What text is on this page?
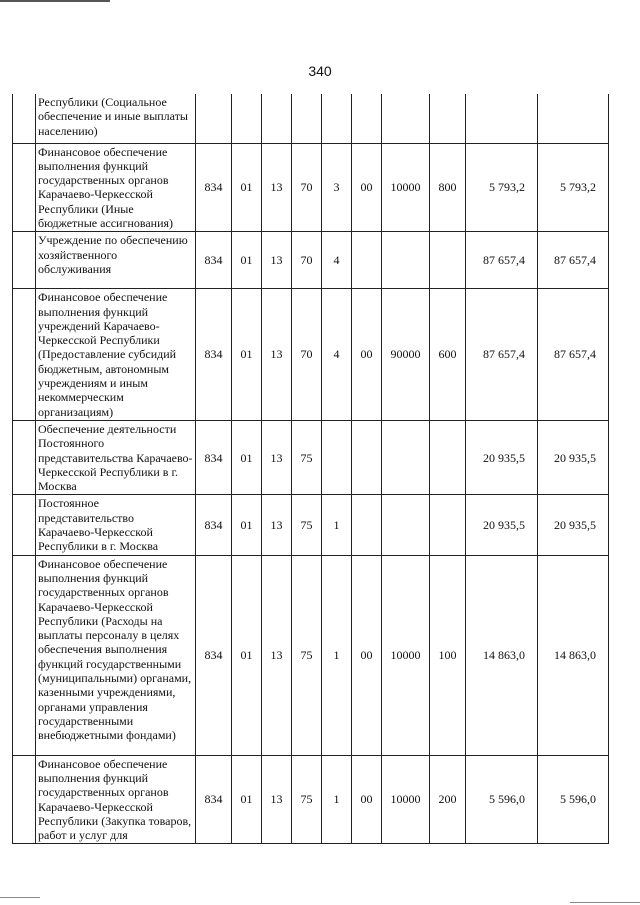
340
	Республики (Социальное обеспечение и иные выплаты населению)										
	Финансовое обеспечение выполнения функций государственных органов Карачаево-Черкесской Республики (Иные бюджетные ассигнования)	834	01	13	70	3	00	10000	800	5 793,2	5 793,2
	Учреждение по обеспечению хозяйственного обслуживания	834	01	13	70	4				87 657,4	87 657,4
	Финансовое обеспечение выполнения функций учреждений Карачаево-Черкесской Республики (Предоставление субсидий бюджетным, автономным учреждениям и иным некоммерческим организациям)	834	01	13	70	4	00	90000	600	87 657,4	87 657,4
	Обеспечение деятельности Постоянного представительства Карачаево-Черкесской Республики в г. Москва	834	01	13	75					20 935,5	20 935,5
	Постоянное представительство Карачаево-Черкесской Республики в г. Москва	834	01	13	75	1				20 935,5	20 935,5
	Финансовое обеспечение выполнения функций государственных органов Карачаево-Черкесской Республики (Расходы на выплаты персоналу в целях обеспечения выполнения функций государственными (муниципальными) органами, казенными учреждениями, органами управления государственными внебюджетными фондами)	834	01	13	75	1	00	10000	100	14 863,0	14 863,0
	Финансовое обеспечение выполнения функций государственных органов Карачаево-Черкесской Республики (Закупка товаров, работ и услуг для	834	01	13	75	1	00	10000	200	5 596,0	5 596,0
